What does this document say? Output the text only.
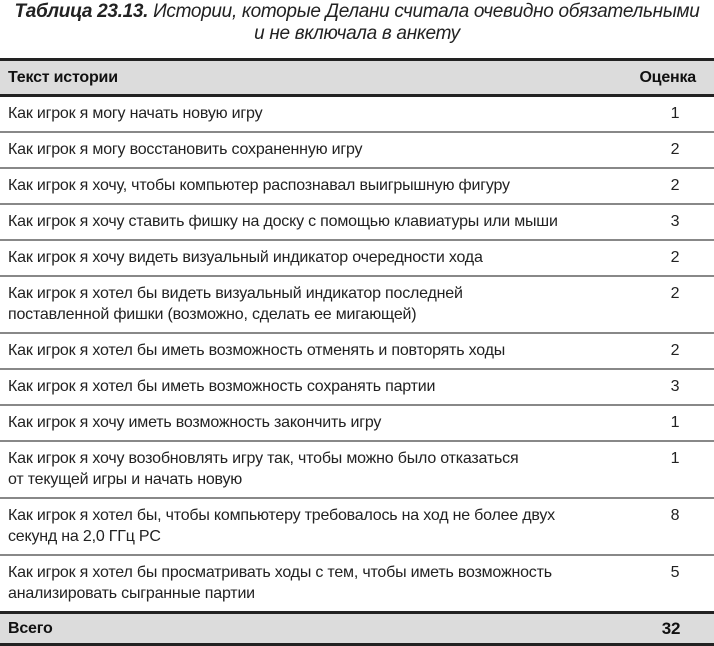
Таблица 23.13. Истории, которые Делани считала очевидно обязательными
и не включала в анкету
Текст истории	Оценка
Как игрок я могу начать новую игру	1
Как игрок я могу восстановить сохраненную игру	2
Как игрок я хочу, чтобы компьютер распознавал выигрышную фигуру	2
Как игрок я хочу ставить фишку на доску с помощью клавиатуры или мыши	3
Как игрок я хочу видеть визуальный индикатор очередности хода	2
Как игрок я хотел бы видеть визуальный индикатор последней
поставленной фишки (возможно, сделать ее мигающей)	2
Как игрок я хотел бы иметь возможность отменять и повторять ходы	2
Как игрок я хотел бы иметь возможность сохранять партии	3
Как игрок я хочу иметь возможность закончить игру	1
Как игрок я хочу возобновлять игру так, чтобы можно было отказаться
от текущей игры и начать новую	1
Как игрок я хотел бы, чтобы компьютеру требовалось на ход не более двух
секунд на 2,0 ГГц PC	8
Как игрок я хотел бы просматривать ходы с тем, чтобы иметь возможность
анализировать сыгранные партии	5
Всего	32
